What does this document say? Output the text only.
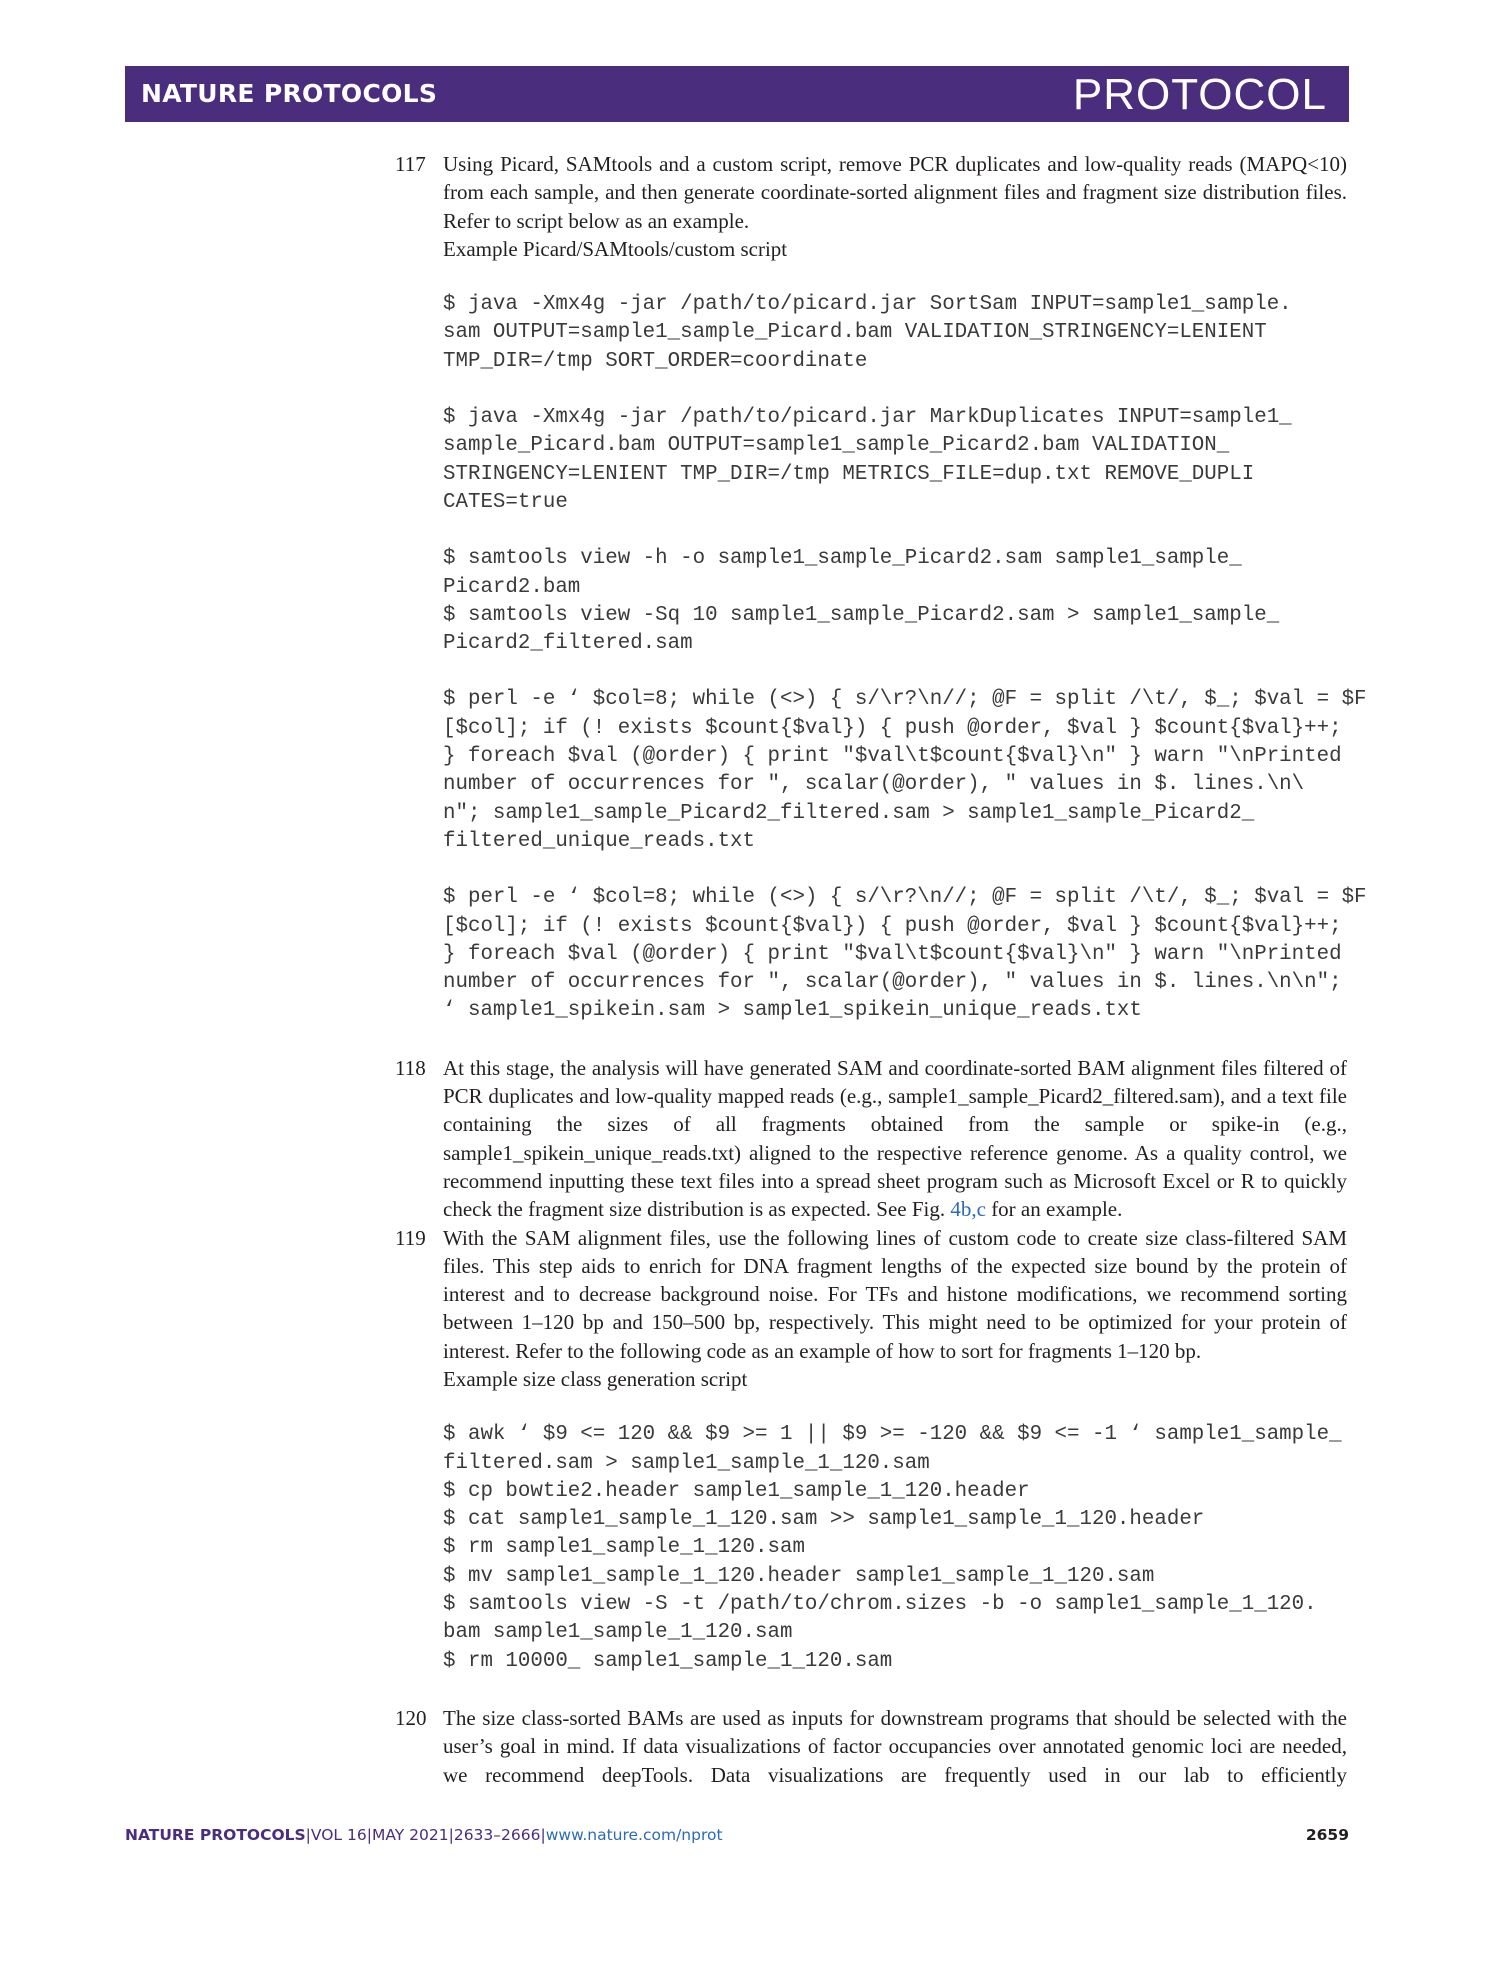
NATURE PROTOCOLS	PROTOCOL
117 Using Picard, SAMtools and a custom script, remove PCR duplicates and low-quality reads (MAPQ<10) from each sample, and then generate coordinate-sorted alignment files and fragment size distribution files. Refer to script below as an example.

Example Picard/SAMtools/custom script

$ java -Xmx4g -jar /path/to/picard.jar SortSam INPUT=sample1_sample.
sam OUTPUT=sample1_sample_Picard.bam VALIDATION_STRINGENCY=LENIENT
TMP_DIR=/tmp SORT_ORDER=coordinate
$ java -Xmx4g -jar /path/to/picard.jar MarkDuplicates INPUT=sample1_
sample_Picard.bam OUTPUT=sample1_sample_Picard2.bam VALIDATION_
STRINGENCY=LENIENT TMP_DIR=/tmp METRICS_FILE=dup.txt REMOVE_DUPLI
CATES=true
$ samtools view -h -o sample1_sample_Picard2.sam sample1_sample_
Picard2.bam
$ samtools view -Sq 10 sample1_sample_Picard2.sam > sample1_sample_
Picard2_filtered.sam
$ perl -e ‘ $col=8; while (<>) { s/\r?\n//; @F = split /\t/, $_; $val = $F
[$col]; if (! exists $count{$val}) { push @order, $val } $count{$val}++;
} foreach $val (@order) { print "$val\t$count{$val}\n" } warn "\nPrinted
number of occurrences for ", scalar(@order), " values in $. lines.\n\
n"; sample1_sample_Picard2_filtered.sam > sample1_sample_Picard2_
filtered_unique_reads.txt
$ perl -e ‘ $col=8; while (<>) { s/\r?\n//; @F = split /\t/, $_; $val = $F
[$col]; if (! exists $count{$val}) { push @order, $val } $count{$val}++;
} foreach $val (@order) { print "$val\t$count{$val}\n" } warn "\nPrinted
number of occurrences for ", scalar(@order), " values in $. lines.\n\n";
‘ sample1_spikein.sam > sample1_spikein_unique_reads.txt
118 At this stage, the analysis will have generated SAM and coordinate-sorted BAM alignment files filtered of PCR duplicates and low-quality mapped reads (e.g., sample1_sample_Picard2_filtered.sam), and a text file containing the sizes of all fragments obtained from the sample or spike-in (e.g., sample1_spikein_unique_reads.txt) aligned to the respective reference genome. As a quality control, we recommend inputting these text files into a spread sheet program such as Microsoft Excel or R to quickly check the fragment size distribution is as expected. See Fig. 4b,c for an example.

119 With the SAM alignment files, use the following lines of custom code to create size class-filtered SAM files. This step aids to enrich for DNA fragment lengths of the expected size bound by the protein of interest and to decrease background noise. For TFs and histone modifications, we recommend sorting between 1–120 bp and 150–500 bp, respectively. This might need to be optimized for your protein of interest. Refer to the following code as an example of how to sort for fragments 1–120 bp.

Example size class generation script

$ awk ‘ $9 <= 120 && $9 >= 1 || $9 >= -120 && $9 <= -1 ‘ sample1_sample_
filtered.sam > sample1_sample_1_120.sam
$ cp bowtie2.header sample1_sample_1_120.header
$ cat sample1_sample_1_120.sam >> sample1_sample_1_120.header
$ rm sample1_sample_1_120.sam
$ mv sample1_sample_1_120.header sample1_sample_1_120.sam
$ samtools view -S -t /path/to/chrom.sizes -b -o sample1_sample_1_120.
bam sample1_sample_1_120.sam
$ rm 10000_ sample1_sample_1_120.sam
120 The size class-sorted BAMs are used as inputs for downstream programs that should be selected with the user’s goal in mind. If data visualizations of factor occupancies over annotated genomic loci are needed, we recommend deepTools. Data visualizations are frequently used in our lab to efficiently

NATURE PROTOCOLS|VOL 16|MAY 2021|2633–2666|www.nature.com/nprot	2659
